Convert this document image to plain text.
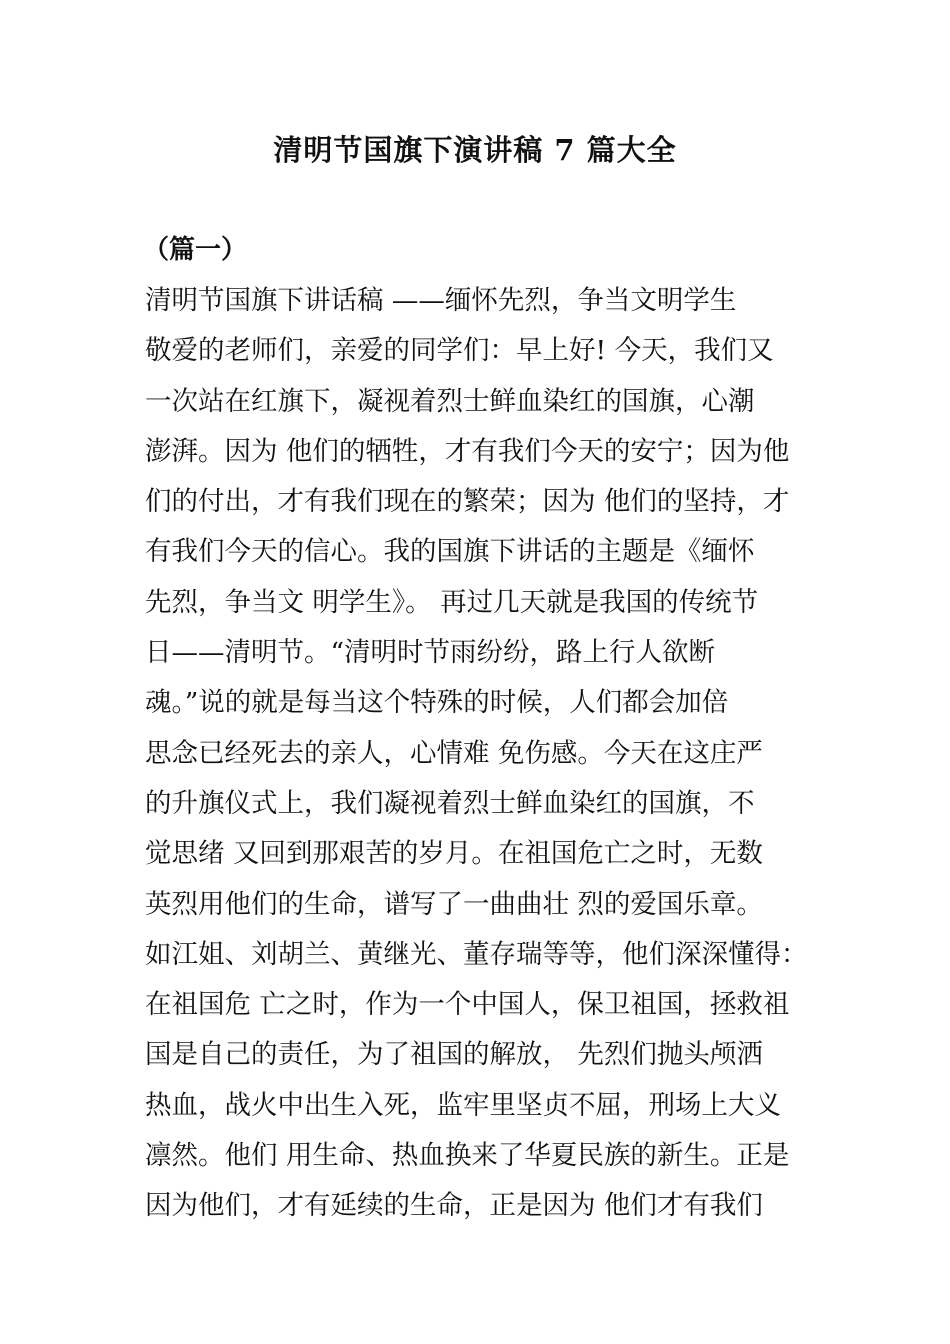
清明节国旗下演讲稿 7 篇大全
（篇一）
清明节国旗下讲话稿 ——缅怀先烈，争当文明学生
敬爱的老师们，亲爱的同学们：早上好! 今天，我们又
一次站在红旗下，凝视着烈士鲜血染红的国旗，心潮
澎湃。因为 他们的牺牲，才有我们今天的安宁；因为他
们的付出，才有我们现在的繁荣；因为 他们的坚持，才
有我们今天的信心。我的国旗下讲话的主题是《缅怀
先烈，争当文 明学生》。 再过几天就是我国的传统节
日——清明节。“清明时节雨纷纷，路上行人欲断
魂。”说的就是每当这个特殊的时候，人们都会加倍
思念已经死去的亲人，心情难 免伤感。今天在这庄严
的升旗仪式上，我们凝视着烈士鲜血染红的国旗，不
觉思绪 又回到那艰苦的岁月。在祖国危亡之时，无数
英烈用他们的生命，谱写了一曲曲壮 烈的爱国乐章。
如江姐、刘胡兰、黄继光、董存瑞等等，他们深深懂得：
在祖国危 亡之时，作为一个中国人，保卫祖国，拯救祖
国是自己的责任，为了祖国的解放， 先烈们抛头颅洒
热血，战火中出生入死，监牢里坚贞不屈，刑场上大义
凛然。他们 用生命、热血换来了华夏民族的新生。正是
因为他们，才有延续的生命，正是因为 他们才有我们
